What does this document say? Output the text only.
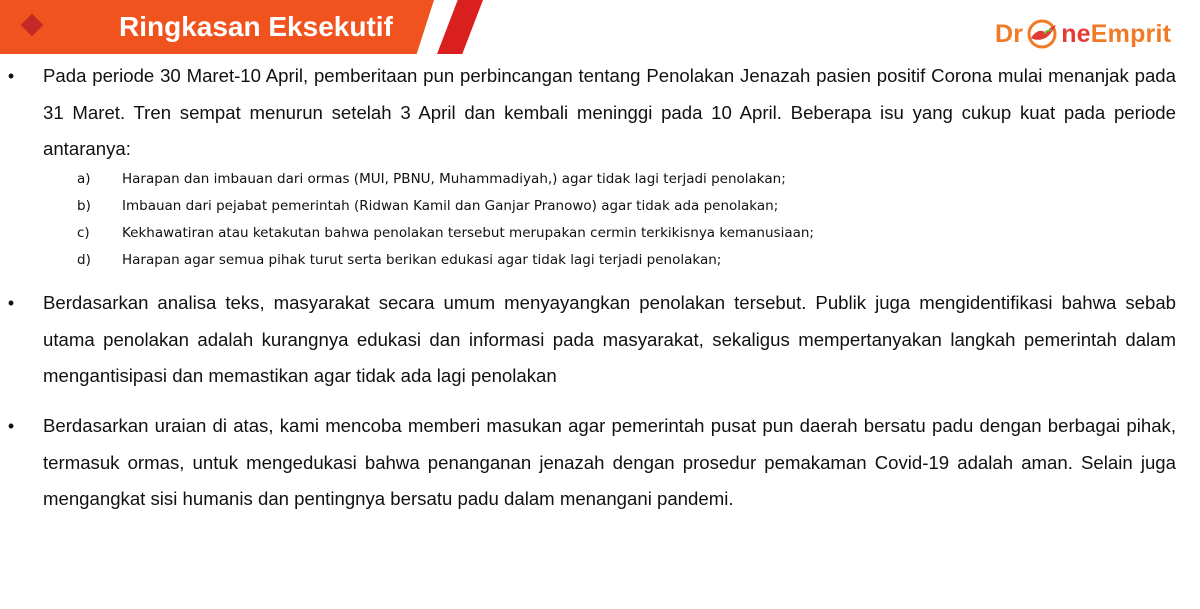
Ringkasan Eksekutif	Dr ne Emprit
• Pada periode 30 Maret-10 April, pemberitaan pun perbincangan tentang Penolakan Jenazah pasien positif Corona mulai menanjak pada 31 Maret. Tren sempat menurun setelah 3 April dan kembali meninggi pada 10 April. Beberapa isu yang cukup kuat pada periode antaranya:
a) Harapan dan imbauan dari ormas (MUI, PBNU, Muhammadiyah,) agar tidak lagi terjadi penolakan;
b) Imbauan dari pejabat pemerintah (Ridwan Kamil dan Ganjar Pranowo) agar tidak ada penolakan;
c) Kekhawatiran atau ketakutan bahwa penolakan tersebut merupakan cermin terkikisnya kemanusiaan;
d) Harapan agar semua pihak turut serta berikan edukasi agar tidak lagi terjadi penolakan;
• Berdasarkan analisa teks, masyarakat secara umum menyayangkan penolakan tersebut. Publik juga mengidentifikasi bahwa sebab utama penolakan adalah kurangnya edukasi dan informasi pada masyarakat, sekaligus mempertanyakan langkah pemerintah dalam mengantisipasi dan memastikan agar tidak ada lagi penolakan
• Berdasarkan uraian di atas, kami mencoba memberi masukan agar pemerintah pusat pun daerah bersatu padu dengan berbagai pihak, termasuk ormas, untuk mengedukasi bahwa penanganan jenazah dengan prosedur pemakaman Covid-19 adalah aman. Selain juga mengangkat sisi humanis dan pentingnya bersatu padu dalam menangani pandemi.
